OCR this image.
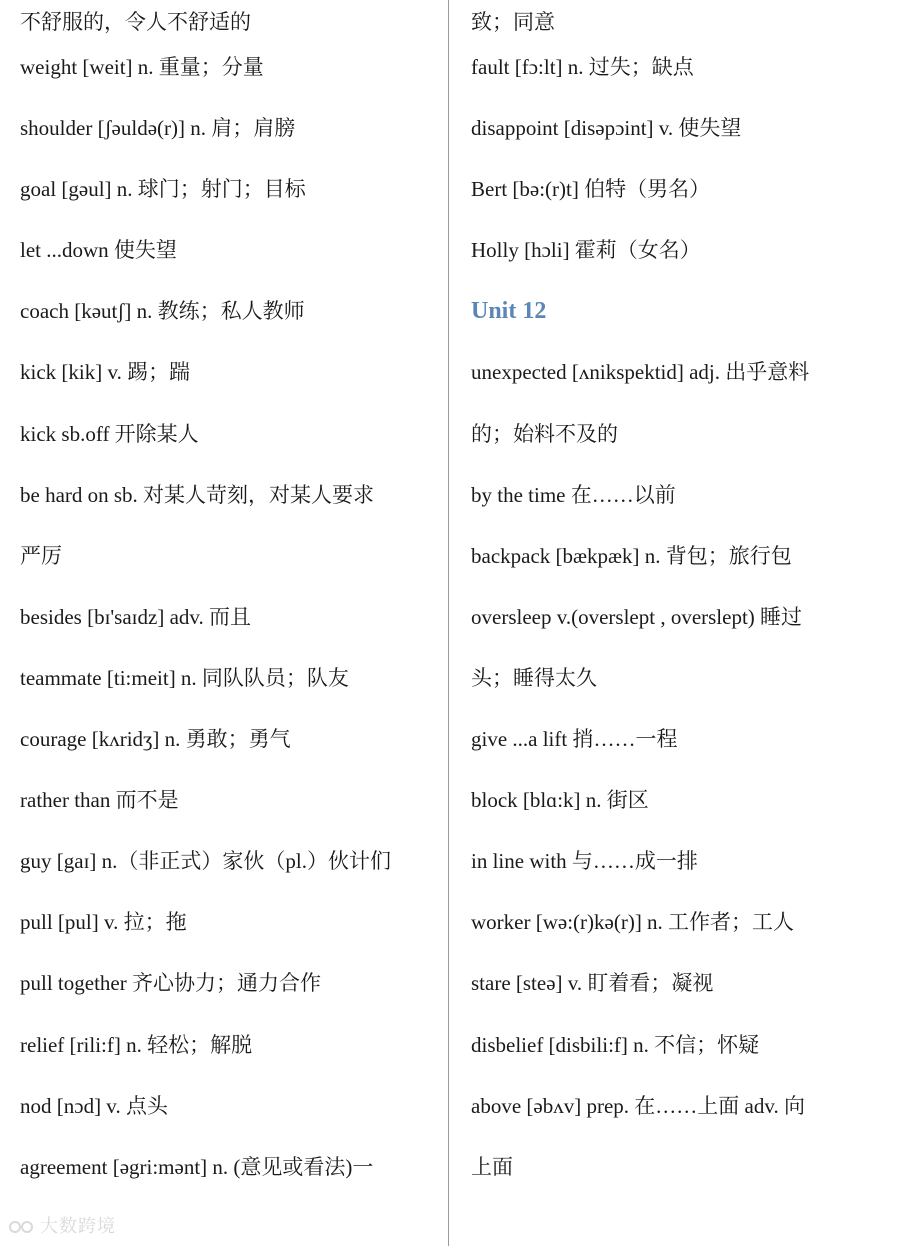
不舒服的，令人不舒适的
weight [weit] n. 重量；分量
shoulder [ʃəuldə(r)] n. 肩；肩膀
goal [gəul] n. 球门；射门；目标
let ...down 使失望
coach [kəutʃ] n. 教练；私人教师
kick [kik] v. 踢；踹
kick sb.off 开除某人
be hard on sb. 对某人苛刻，对某人要求
严厉
besides [bɪ'saɪdz] adv. 而且
teammate [ti:meit] n. 同队队员；队友
courage [kʌridʒ] n. 勇敢；勇气
rather than 而不是
guy [gaɪ] n.（非正式）家伙（pl.）伙计们
pull [pul] v. 拉；拖
pull together 齐心协力；通力合作
relief [rili:f] n. 轻松；解脱
nod [nɔd] v. 点头
agreement [əgri:mənt] n. (意见或看法)一
致；同意
fault [fɔ:lt] n. 过失；缺点
disappoint [disəpɔint] v. 使失望
Bert [bə:(r)t] 伯特（男名）
Holly [hɔli] 霍莉（女名）
Unit 12
unexpected [ʌnikspektid] adj. 出乎意料
的；始料不及的
by the time 在……以前
backpack [bækpæk] n. 背包；旅行包
oversleep v.(overslept , overslept) 睡过
头；睡得太久
give ...a lift 捎……一程
block [blɑ:k] n. 街区
in line with 与……成一排
worker [wə:(r)kə(r)] n. 工作者；工人
stare [steə] v. 盯着看；凝视
disbelief [disbili:f] n. 不信；怀疑
above [əbʌv] prep. 在……上面 adv. 向
上面
大数跨境
